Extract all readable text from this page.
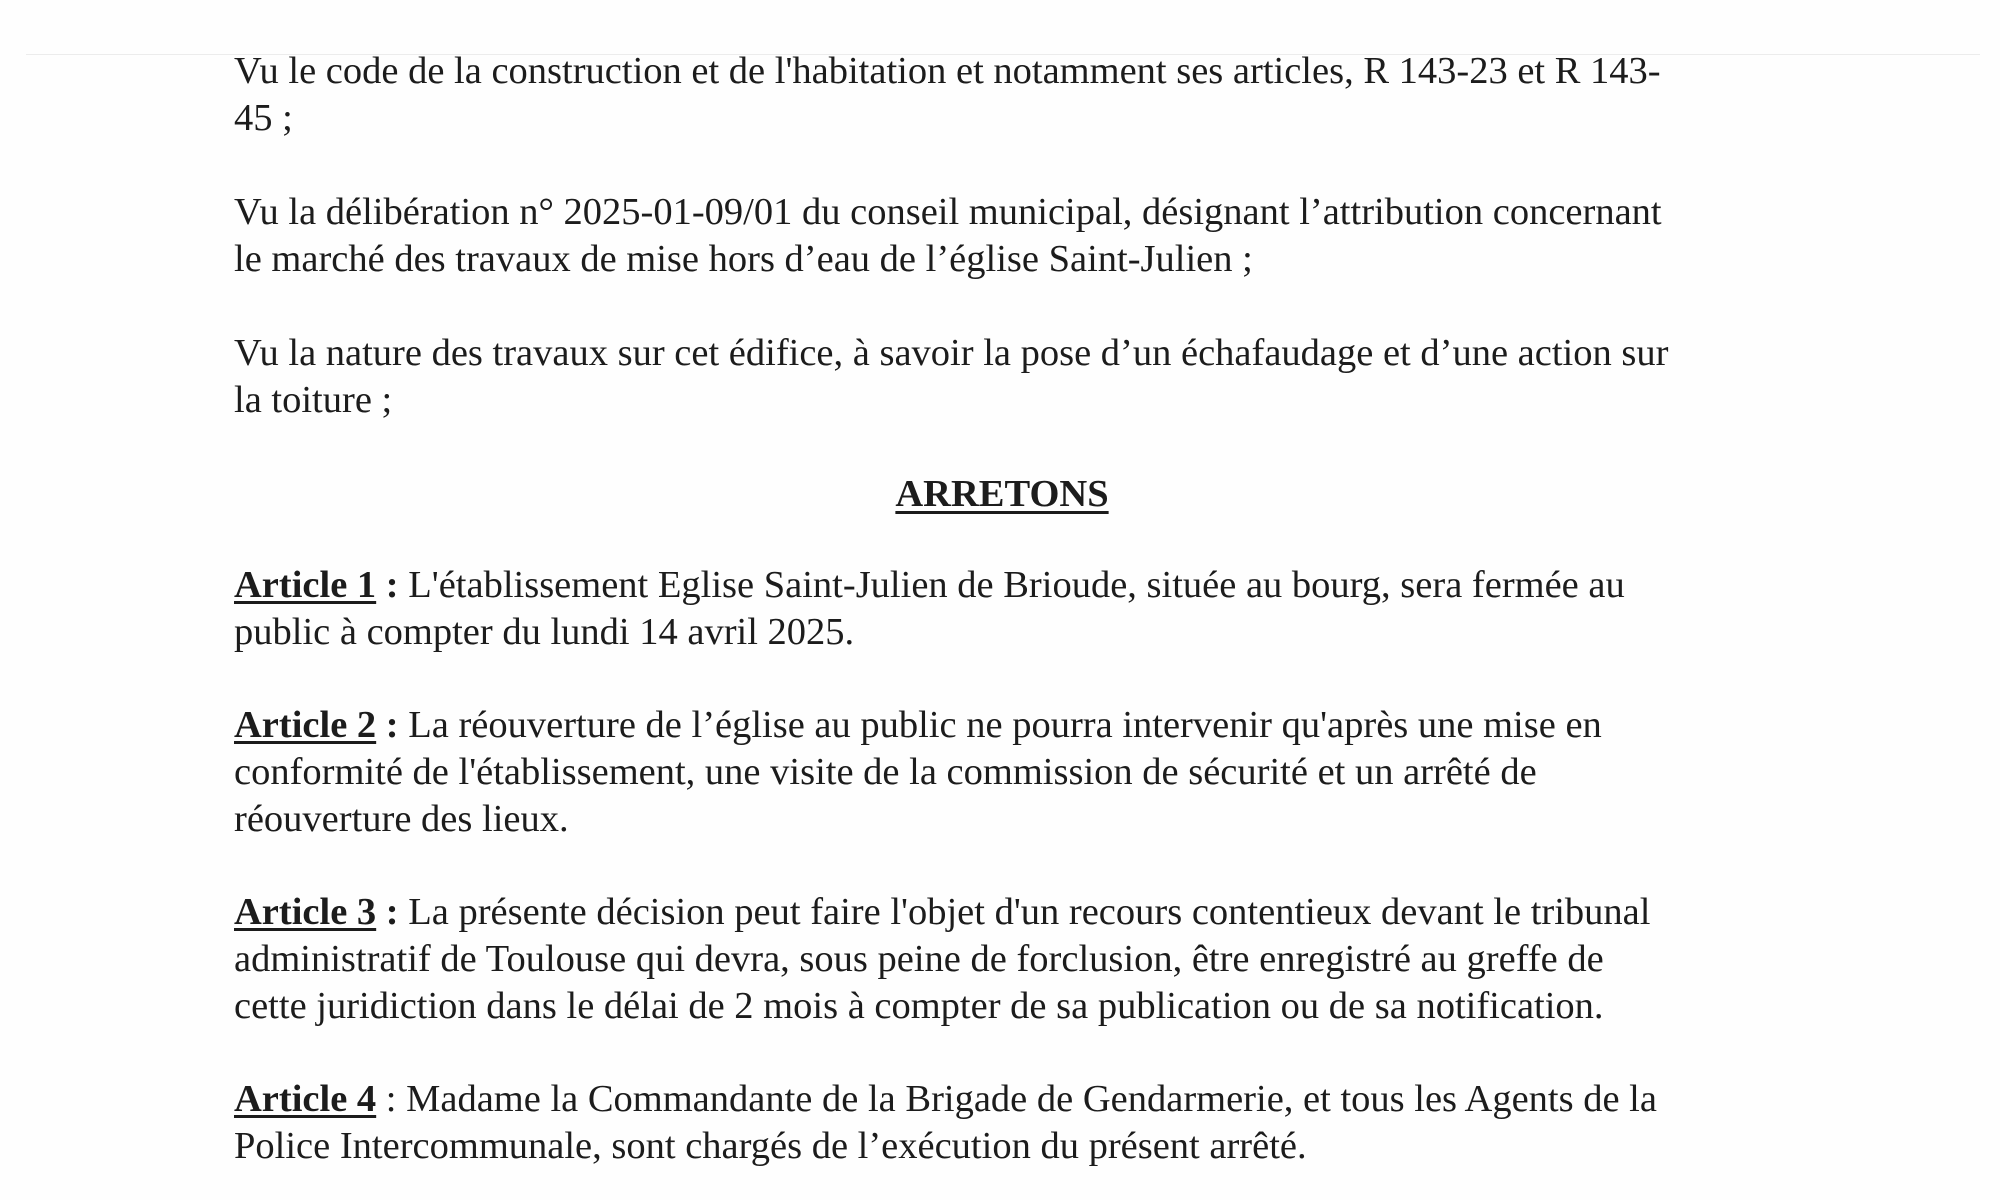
Vu le code de la construction et de l'habitation et notamment ses articles, R 143-23 et R 143-
45 ;

Vu la délibération n° 2025-01-09/01 du conseil municipal, désignant l’attribution concernant
le marché des travaux de mise hors d’eau de l’église Saint-Julien ;

Vu la nature des travaux sur cet édifice, à savoir la pose d’un échafaudage et d’une action sur
la toiture ;

ARRETONS

Article 1 : L'établissement Eglise Saint-Julien de Brioude, située au bourg, sera fermée au
public à compter du lundi 14 avril 2025.

Article 2 : La réouverture de l’église au public ne pourra intervenir qu'après une mise en
conformité de l'établissement, une visite de la commission de sécurité et un arrêté de
réouverture des lieux.

Article 3 : La présente décision peut faire l'objet d'un recours contentieux devant le tribunal
administratif de Toulouse qui devra, sous peine de forclusion, être enregistré au greffe de
cette juridiction dans le délai de 2 mois à compter de sa publication ou de sa notification.

Article 4 : Madame la Commandante de la Brigade de Gendarmerie, et tous les Agents de la
Police Intercommunale, sont chargés de l’exécution du présent arrêté.
